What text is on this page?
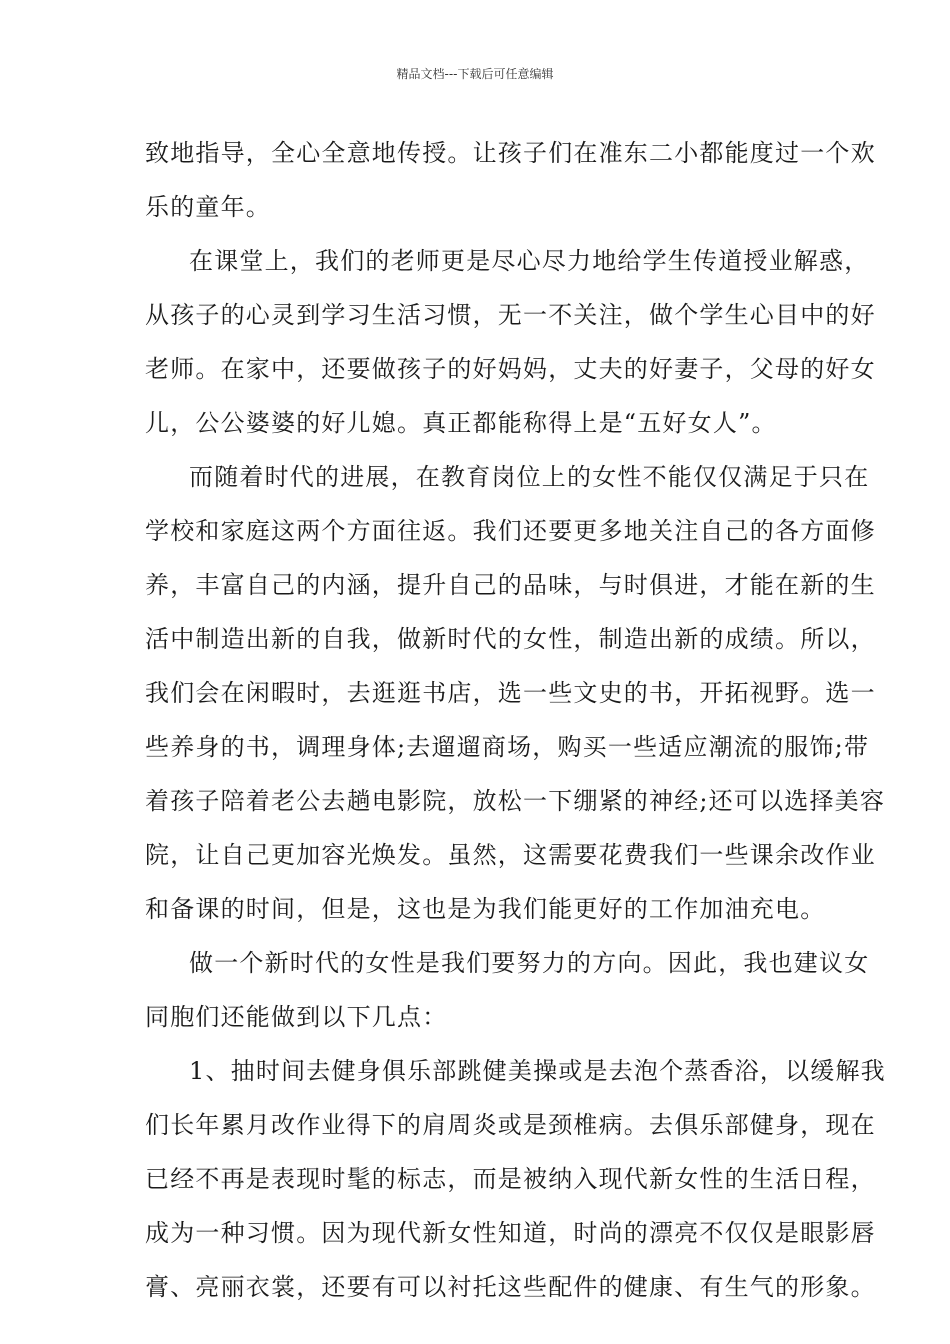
精品文档---下载后可任意编辑
致地指导，全心全意地传授。让孩子们在准东二小都能度过一个欢
乐的童年。
在课堂上，我们的老师更是尽心尽力地给学生传道授业解惑，
从孩子的心灵到学习生活习惯，无一不关注，做个学生心目中的好
老师。在家中，还要做孩子的好妈妈，丈夫的好妻子，父母的好女
儿，公公婆婆的好儿媳。真正都能称得上是“五好女人”。
而随着时代的进展，在教育岗位上的女性不能仅仅满足于只在
学校和家庭这两个方面往返。我们还要更多地关注自己的各方面修
养，丰富自己的内涵，提升自己的品味，与时俱进，才能在新的生
活中制造出新的自我，做新时代的女性，制造出新的成绩。所以，
我们会在闲暇时，去逛逛书店，选一些文史的书，开拓视野。选一
些养身的书，调理身体;去遛遛商场，购买一些适应潮流的服饰;带
着孩子陪着老公去趟电影院，放松一下绷紧的神经;还可以选择美容
院，让自己更加容光焕发。虽然，这需要花费我们一些课余改作业
和备课的时间，但是，这也是为我们能更好的工作加油充电。
做一个新时代的女性是我们要努力的方向。因此，我也建议女
同胞们还能做到以下几点：
1、抽时间去健身俱乐部跳健美操或是去泡个蒸香浴，以缓解我
们长年累月改作业得下的肩周炎或是颈椎病。去俱乐部健身，现在
已经不再是表现时髦的标志，而是被纳入现代新女性的生活日程，
成为一种习惯。因为现代新女性知道，时尚的漂亮不仅仅是眼影唇
膏、亮丽衣裳，还要有可以衬托这些配件的健康、有生气的形象。
